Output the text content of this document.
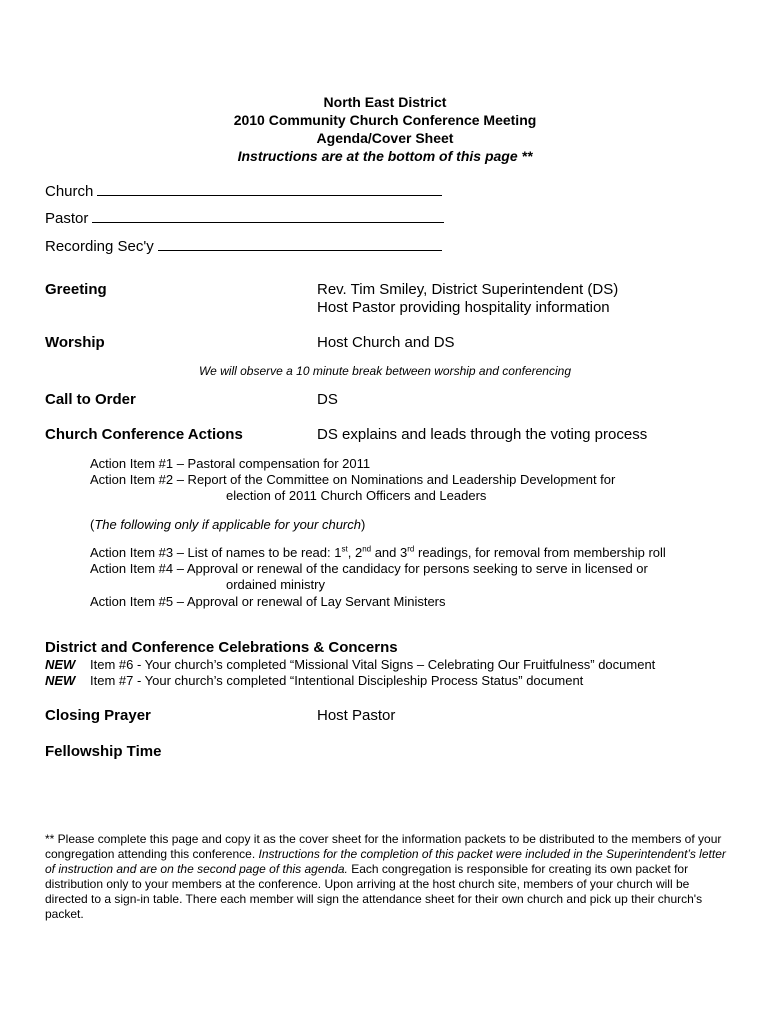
North East District
2010 Community Church Conference Meeting
Agenda/Cover Sheet
Instructions are at the bottom of this page **
Church
Pastor
Recording Sec'y
Greeting	Rev. Tim Smiley, District Superintendent (DS)
Host Pastor providing hospitality information
Worship	Host Church and DS
We will observe a 10 minute break between worship and conferencing
Call to Order	DS
Church Conference Actions	DS explains and leads through the voting process
Action Item #1 – Pastoral compensation for 2011
Action Item #2 – Report of the Committee on Nominations and Leadership Development for
election of 2011 Church Officers and Leaders
(The following only if applicable for your church)
Action Item #3 – List of names to be read: 1st, 2nd and 3rd readings, for removal from membership roll
Action Item #4 – Approval or renewal of the candidacy for persons seeking to serve in licensed or
ordained ministry
Action Item #5 – Approval or renewal of Lay Servant Ministers
District and Conference Celebrations & Concerns
NEW Item #6 - Your church’s completed “Missional Vital Signs – Celebrating Our Fruitfulness” document
NEW Item #7 - Your church’s completed “Intentional Discipleship Process Status” document
Closing Prayer	Host Pastor
Fellowship Time
** Please complete this page and copy it as the cover sheet for the information packets to be distributed to the members of your congregation attending this conference. Instructions for the completion of this packet were included in the Superintendent’s letter of instruction and are on the second page of this agenda. Each congregation is responsible for creating its own packet for distribution only to your members at the conference. Upon arriving at the host church site, members of your church will be directed to a sign-in table. There each member will sign the attendance sheet for their own church and pick up their church's packet.
